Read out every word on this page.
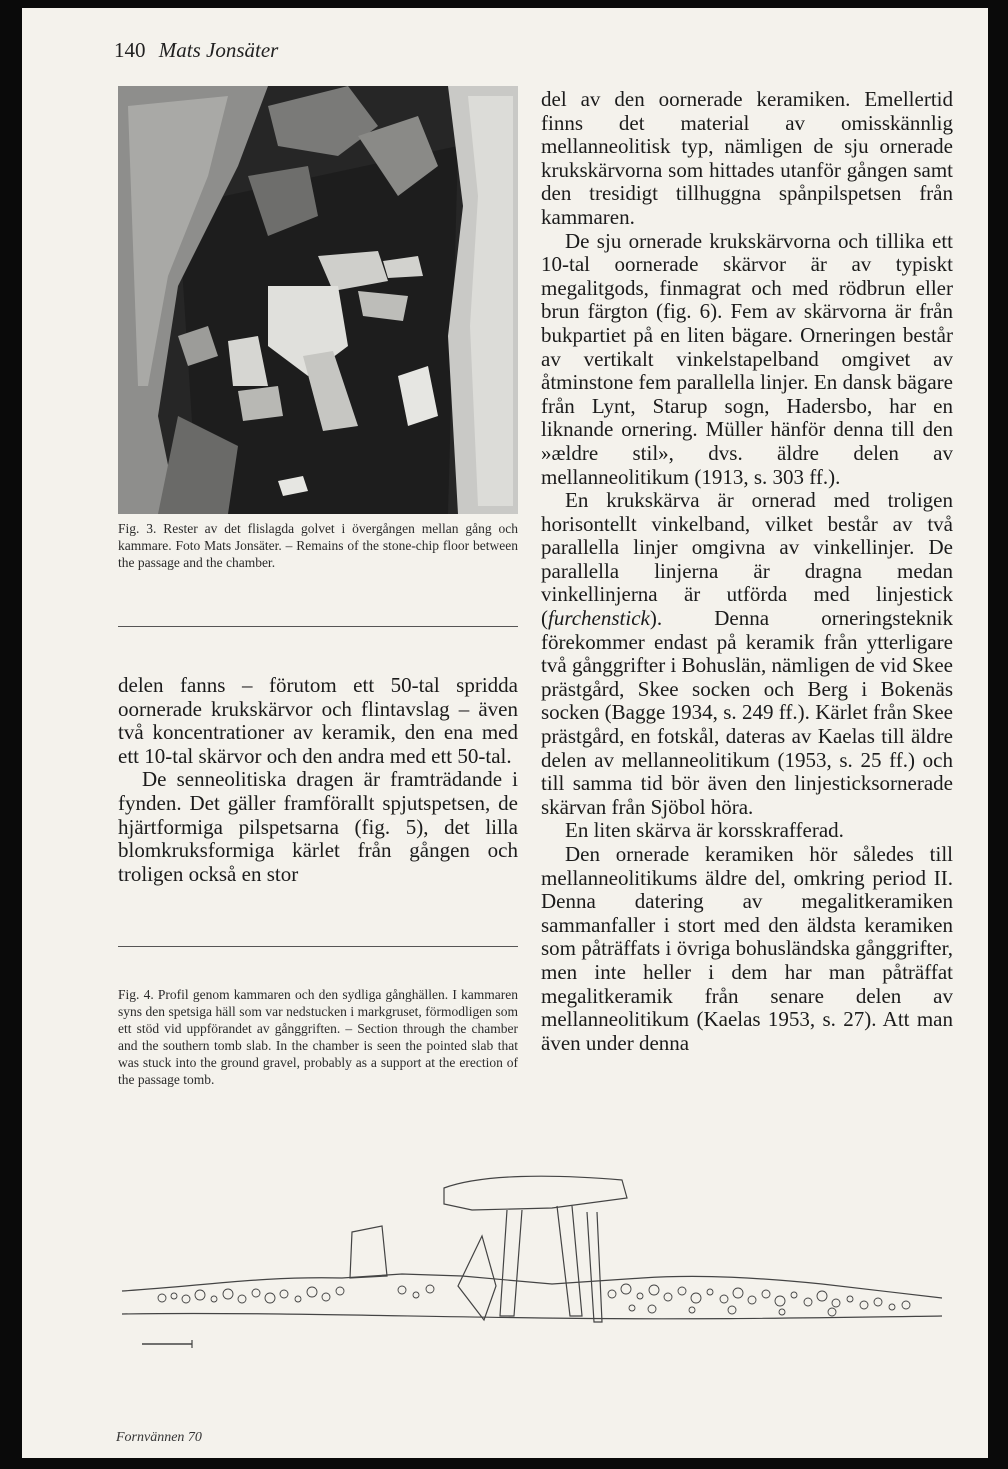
140 Mats Jonsäter
Fig. 3. Rester av det flislagda golvet i övergången mellan gång och kammare. Foto Mats Jonsäter. – Remains of the stone-chip floor between the passage and the chamber.

delen fanns – förutom ett 50-tal spridda oornerade krukskärvor och flintavslag – även två koncentrationer av keramik, den ena med ett 10-tal skärvor och den andra med ett 50-tal.

De senneolitiska dragen är framträdande i fynden. Det gäller framförallt spjutspetsen, de hjärtformiga pilspetsarna (fig. 5), det lilla blomkruksformiga kärlet från gången och troligen också en stor

Fig. 4. Profil genom kammaren och den sydliga gånghällen. I kammaren syns den spetsiga häll som var nedstucken i markgruset, förmodligen som ett stöd vid uppförandet av gånggriften. – Section through the chamber and the southern tomb slab. In the chamber is seen the pointed slab that was stuck into the ground gravel, probably as a support at the erection of the passage tomb.

del av den oornerade keramiken. Emellertid finns det material av omisskännlig mellanneolitisk typ, nämligen de sju ornerade krukskärvorna som hittades utanför gången samt den tresidigt tillhuggna spånpilspetsen från kammaren.

De sju ornerade krukskärvorna och tillika ett 10-tal oornerade skärvor är av typiskt megalitgods, finmagrat och med rödbrun eller brun färgton (fig. 6). Fem av skärvorna är från bukpartiet på en liten bägare. Orneringen består av vertikalt vinkelstapelband omgivet av åtminstone fem parallella linjer. En dansk bägare från Lynt, Starup sogn, Hadersbo, har en liknande ornering. Müller hänför denna till den »ældre stil», dvs. äldre delen av mellanneolitikum (1913, s. 303 ff.).

En krukskärva är ornerad med troligen horisontellt vinkelband, vilket består av två parallella linjer omgivna av vinkellinjer. De parallella linjerna är dragna medan vinkellinjerna är utförda med linjestick (furchenstick). Denna orneringsteknik förekommer endast på keramik från ytterligare två gånggrifter i Bohuslän, nämligen de vid Skee prästgård, Skee socken och Berg i Bokenäs socken (Bagge 1934, s. 249 ff.). Kärlet från Skee prästgård, en fotskål, dateras av Kaelas till äldre delen av mellanneolitikum (1953, s. 25 ff.) och till samma tid bör även den linjesticksornerade skärvan från Sjöbol höra.

En liten skärva är korsskrafferad.

Den ornerade keramiken hör således till mellanneolitikums äldre del, omkring period II. Denna datering av megalitkeramiken sammanfaller i stort med den äldsta keramiken som påträffats i övriga bohusländska gånggrifter, men inte heller i dem har man påträffat megalitkeramik från senare delen av mellanneolitikum (Kaelas 1953, s. 27). Att man även under denna

Fornvännen 70
